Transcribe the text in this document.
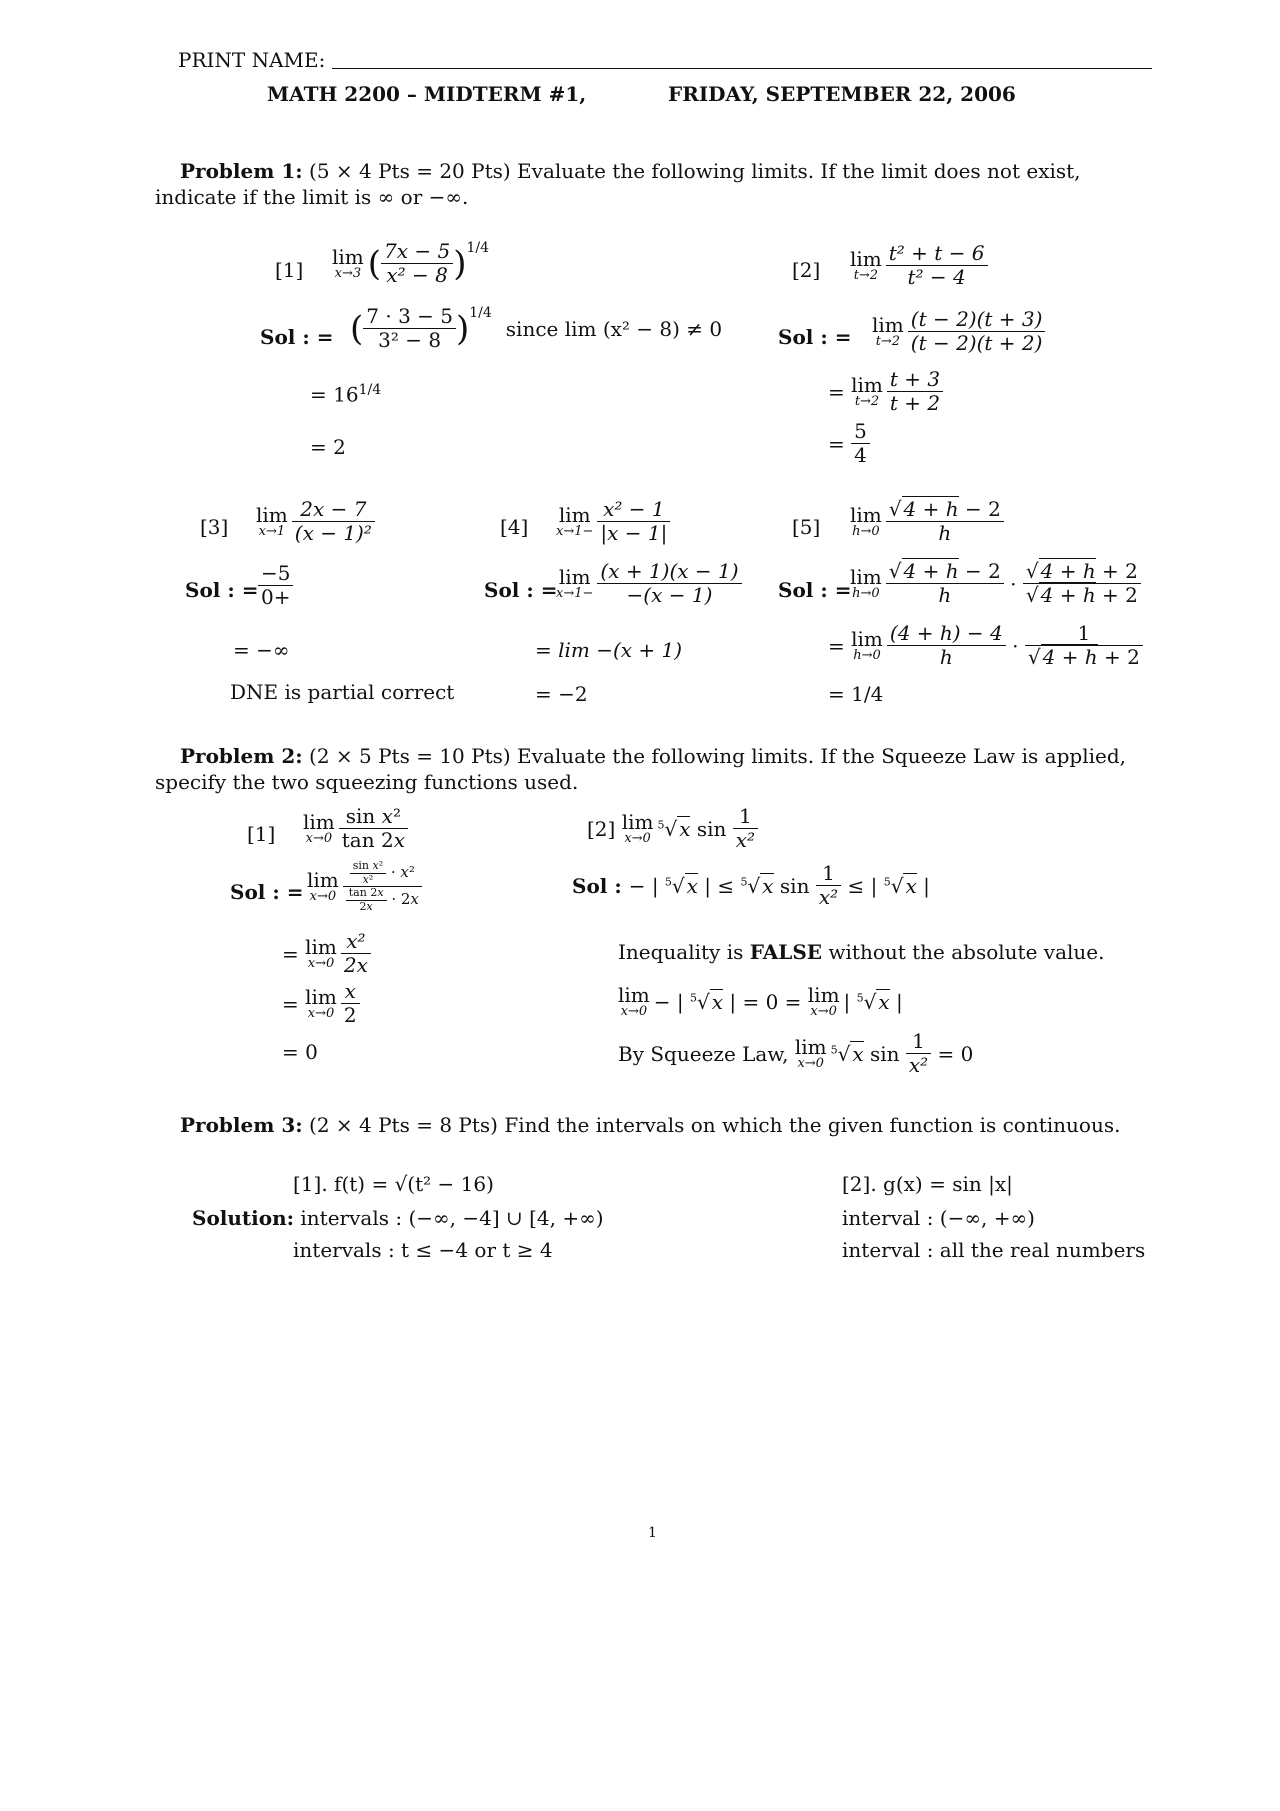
PRINT NAME:
MATH 2200 – MIDTERM #1,	FRIDAY, SEPTEMBER 22, 2006
Problem 1: (5 × 4 Pts = 20 Pts) Evaluate the following limits. If the limit does not exist, indicate if the limit is ∞ or −∞.
[1]
lim
x→3 ( $\frac{7x - 5}{\text{x² − 8}} )^{1/4}$
Sol : = ( $\frac{7 \cdot 3 - 5}{\text{3² − 8}} )^{1/4}$
since lim (x² − 8) ≠ 0
= $16^{1/4}$
= 2
[2] lim
$t\to 2 \frac{\text{t² + t − 6}}{\text{t² − 4}}$
Sol : = lim
$t\to 2 \frac{(t - 2)(t + 3)}{(t - 2)(t + 2)}$
= lim
$t\to 2 \frac{t + 3}{t + 2}$
= $\frac{5}{4}$
[3] lim
$x\to 1 \frac{2x - 7}{\text{(x − 1)²}}$
Sol : = $\frac{-5}{0+}$
= −∞
DNE is partial correct
[4] lim
$x\to 1- \frac{\text{x² − 1}}{|x - 1|}$
Sol : =
lim
$x\to 1- \frac{(x + 1)(x - 1)}{-(x - 1)}$
= lim −(x + 1)
= −2
[5] lim
$h\to 0 \frac{√ 4 + h - 2}{h}$
Sol : =
lim
$h\to 0 \frac{√ 4 + h - 2}{h} \cdot \frac{√ 4 + h + 2}{√ 4 + h + 2}$
= lim
$h\to 0 \frac{(4 + h) - 4}{h} \cdot \frac{1}{√ 4 + h + 2}$
= 1/4
Problem 2: (2 × 5 Pts = 10 Pts) Evaluate the following limits. If the Squeeze Law is applied, specify the two squeezing functions used.
[1] lim
$x\to 0 \frac{\text{sin x²}}{\tan 2x}$
Sol : = lim
$x\to 0 \frac{\frac{\text{sin x²}}{\text{x²}} \cdot x^2}{\frac{\tan 2x}{2x} \cdot 2x}$
= lim
$x\to 0 \frac{\text{x²}}{2x}$
= lim
$x\to 0 \frac{x}{2}$
= 0
[2] lim
x→0
$^5$√ x $\sin \frac{1}{\text{x²}}$
Sol : − | $^5$√ x | ≤ $^5$√ x $\sin \frac{1}{\text{x²}}$ ≤ | $^5$√ x |
Inequality is FALSE without the absolute value.
lim
x→0 − | $^5$√ x | = 0 = lim
x→0 | $^5$√ x |
By Squeeze Law,
lim
x→0
$^5$√ x $\sin \frac{1}{\text{x²}} = 0$
Problem 3: (2 × 4 Pts = 8 Pts) Find the intervals on which the given function is continuous.
[1]. f(t) = √(t² − 16)
Solution: intervals : (−∞, −4] ∪ [4, +∞)
intervals : t ≤ −4 or t ≥ 4
[2]. g(x) = sin |x|
interval : (−∞, +∞)
interval : all the real numbers
1
